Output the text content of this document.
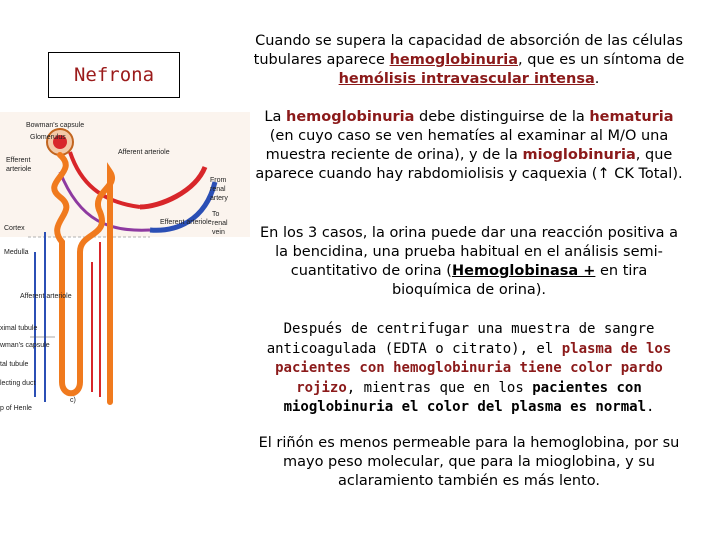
Nefrona
Bowman's capsule
Glomerulus
Efferent
arteriole
Afferent arteriole
From
renal
artery
Efferent arteriole
To
renal
vein
Cortex
Medulla
Afferent arteriole
ximal tubule
wman's capsule
tal tubule
lecting duct
p of Henle
c)
Cuando se supera la capacidad de absorción de las células tubulares aparece hemoglobinuria, que es un síntoma de hemólisis intravascular intensa.
La hemoglobinuria debe distinguirse de la hematuria (en cuyo caso se ven hematíes al examinar al M/O una muestra reciente de orina), y de la mioglobinuria, que aparece cuando hay rabdomiolisis y caquexia (↑ CK Total).
En los 3 casos, la orina puede dar una reacción positiva a la bencidina, una prueba habitual en el análisis semi-cuantitativo de orina (Hemoglobinasa + en tira bioquímica de orina).
Después de centrifugar una muestra de sangre anticoagulada (EDTA o citrato), el plasma de los pacientes con hemoglobinuria tiene color pardo rojizo, mientras que en los pacientes con mioglobinuria el color del plasma es normal.
El riñón es menos permeable para la hemoglobina, por su mayo peso molecular, que para la mioglobina, y su aclaramiento también es más lento.
